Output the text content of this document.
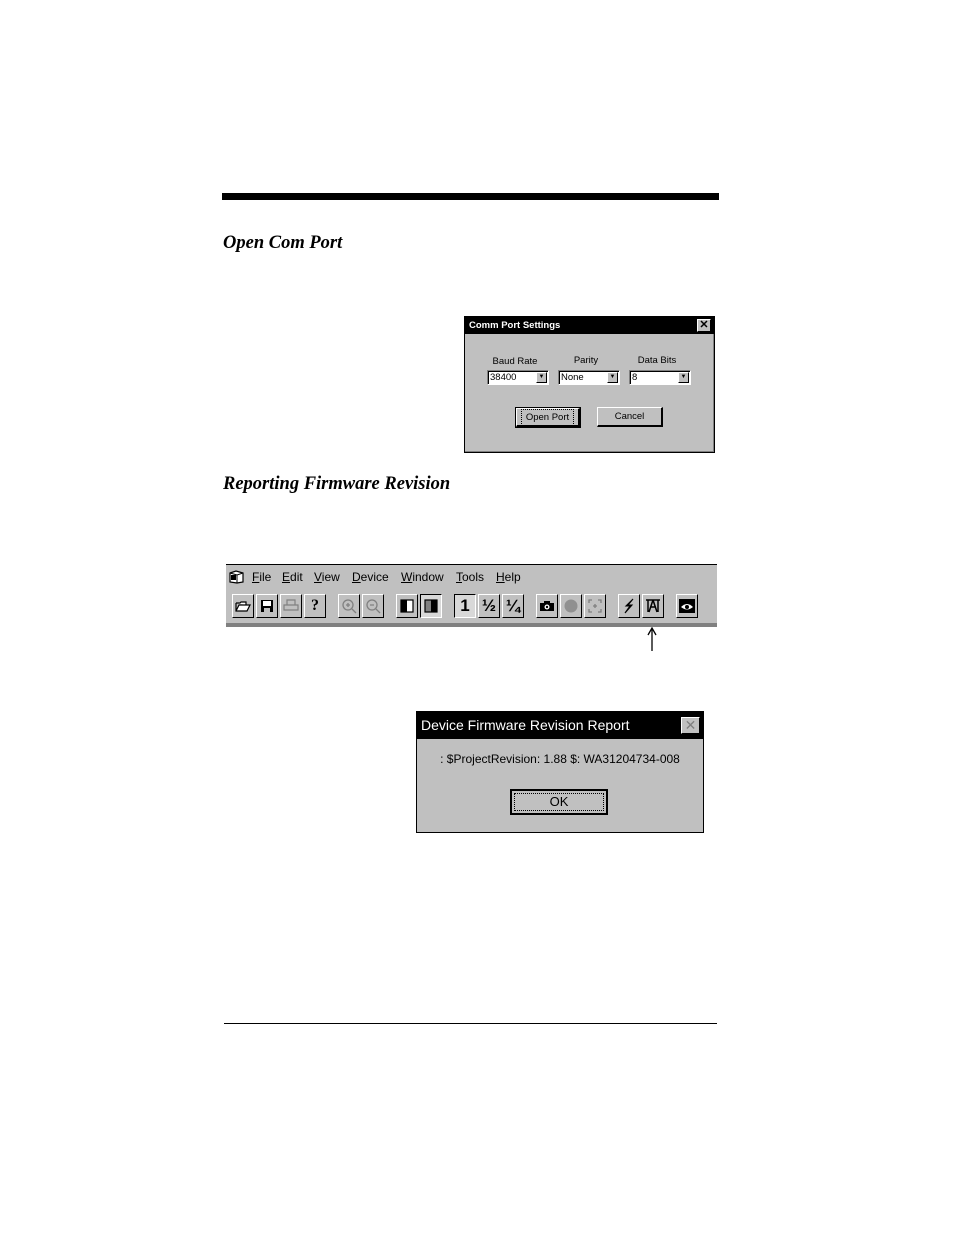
Open Com Port
Comm Port Settings	✕
Baud Rate
38400	▼
Parity
None	▼
Data Bits
8	▼
Open Port	Cancel
Reporting Firmware Revision
File Edit View Device Window Tools Help
?	1 ½ ¼
Device Firmware Revision Report	✕
: $ProjectRevision: 1.88 $: WA31204734-008
OK
